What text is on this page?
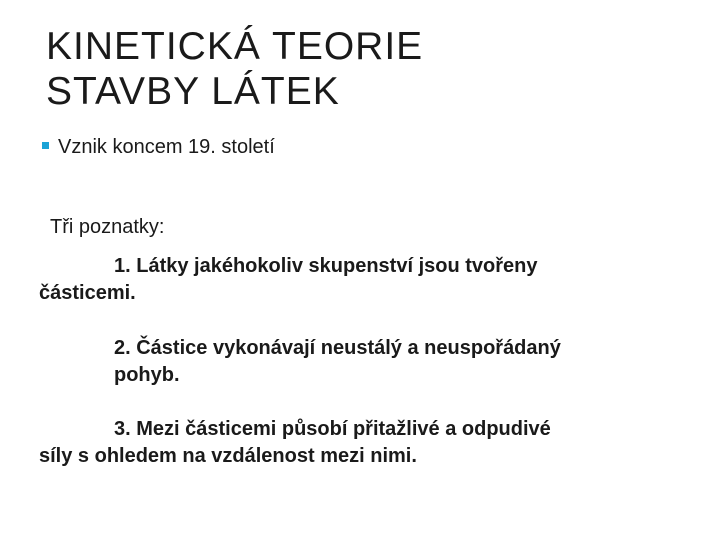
KINETICKÁ TEORIE
STAVBY LÁTEK
Vznik koncem 19. století
Tři poznatky:
1. Látky jakéhokoliv skupenství jsou tvořeny
částicemi.
2. Částice vykonávají neustálý a neuspořádaný
pohyb.
3. Mezi částicemi působí přitažlivé a odpudivé
síly s ohledem na vzdálenost mezi nimi.
